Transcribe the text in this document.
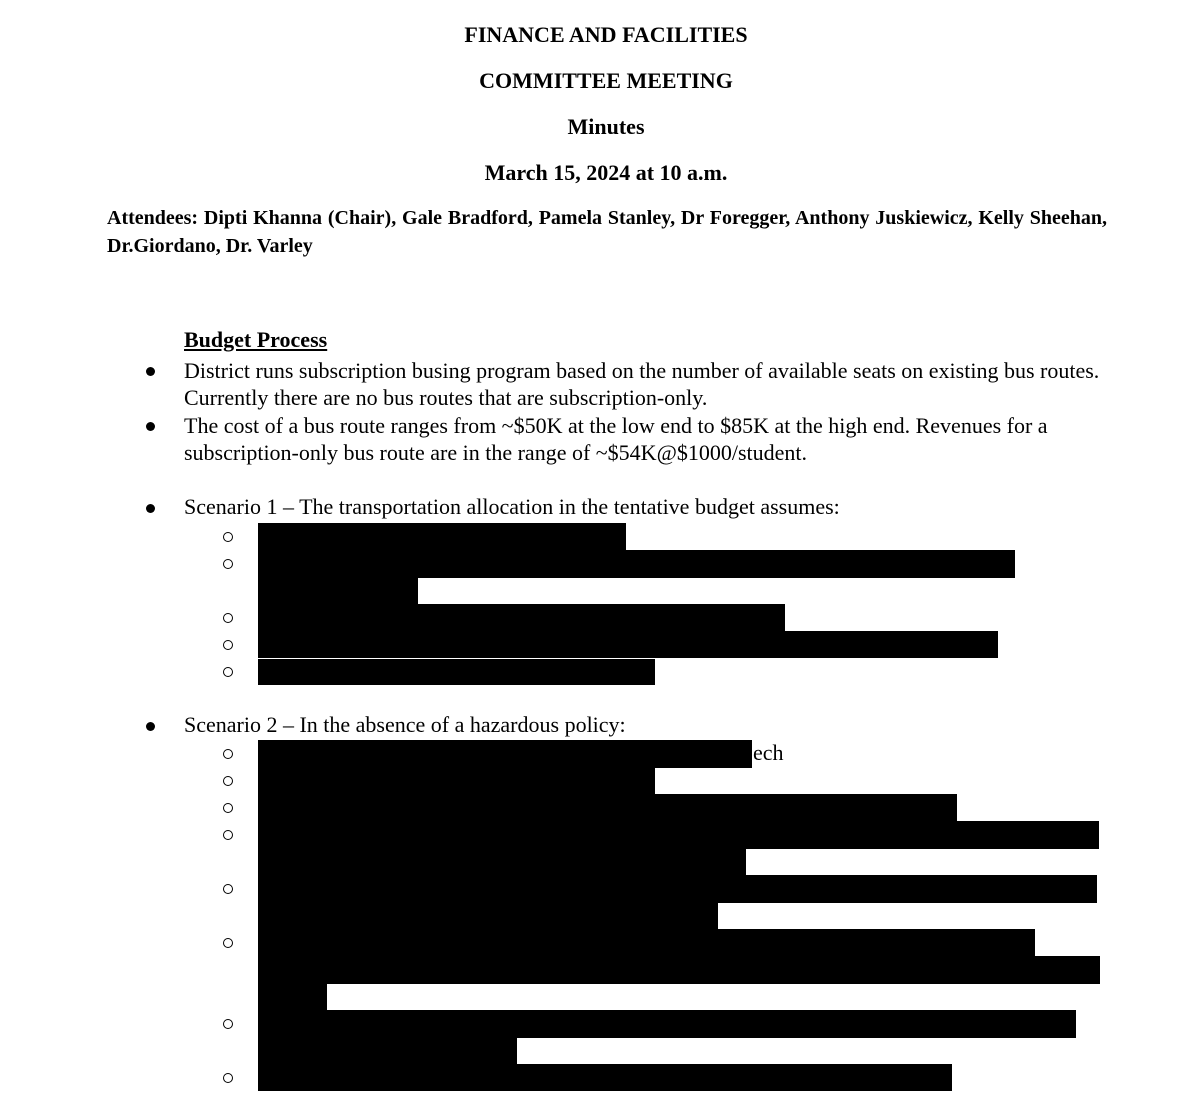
FINANCE AND FACILITIES
COMMITTEE MEETING
Minutes
March 15, 2024 at 10 a.m.
Attendees: Dipti Khanna (Chair), Gale Bradford, Pamela Stanley, Dr Foregger, Anthony Juskiewicz, Kelly Sheehan, Dr.Giordano, Dr. Varley
Budget Process
District runs subscription busing program based on the number of available seats on existing bus routes. Currently there are no bus routes that are subscription-only.
The cost of a bus route ranges from ~$50K at the low end to $85K at the high end. Revenues for a subscription-only bus route are in the range of ~$54K@$1000/student.
Scenario 1 – The transportation allocation in the tentative budget assumes:
Scenario 2 – In the absence of a hazardous policy:
ech
